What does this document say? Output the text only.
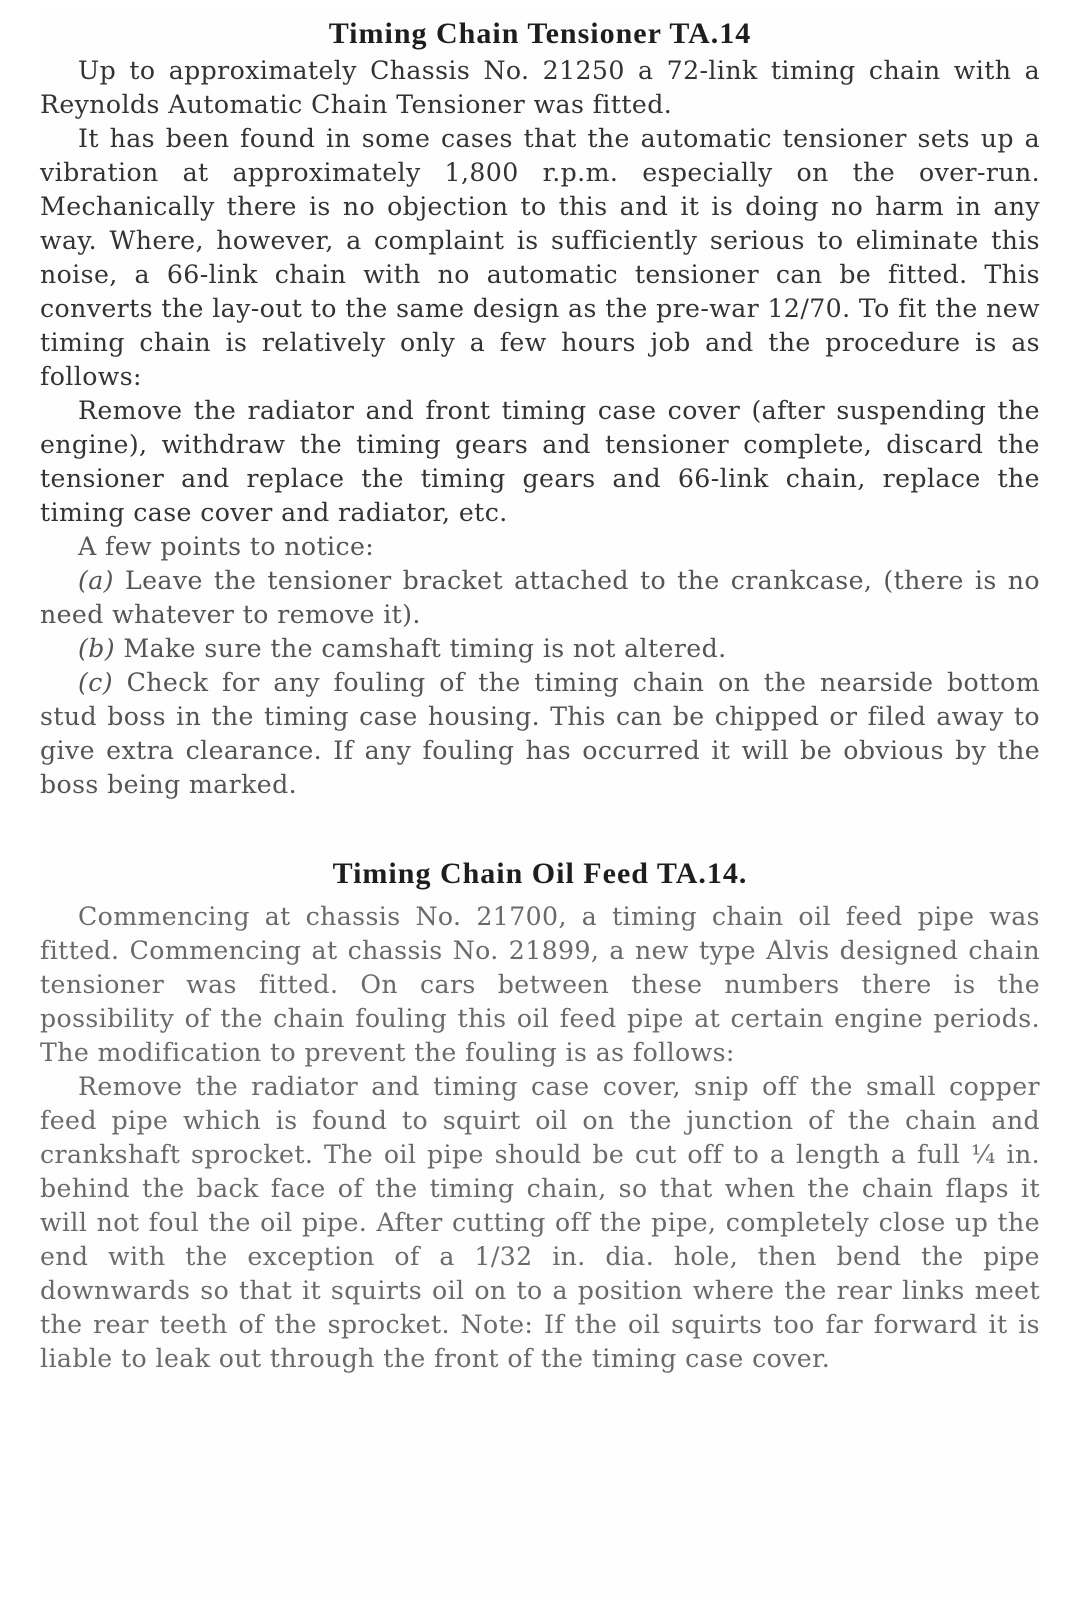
Timing Chain Tensioner TA.14

Up to approximately Chassis No. 21250 a 72-link timing chain with a Reynolds Automatic Chain Tensioner was fitted.

It has been found in some cases that the automatic tensioner sets up a vibration at approximately 1,800 r.p.m. especially on the over-run. Mechanically there is no objection to this and it is doing no harm in any way. Where, however, a complaint is sufficiently serious to eliminate this noise, a 66-link chain with no automatic tensioner can be fitted. This converts the lay-out to the same design as the pre-war 12/70. To fit the new timing chain is relatively only a few hours job and the procedure is as follows:

Remove the radiator and front timing case cover (after suspending the engine), withdraw the timing gears and tensioner complete, discard the tensioner and replace the timing gears and 66-link chain, replace the timing case cover and radiator, etc.

A few points to notice:

(a) Leave the tensioner bracket attached to the crankcase, (there is no need whatever to remove it).

(b) Make sure the camshaft timing is not altered.

(c) Check for any fouling of the timing chain on the nearside bottom stud boss in the timing case housing. This can be chipped or filed away to give extra clearance. If any fouling has occurred it will be obvious by the boss being marked.

Timing Chain Oil Feed TA.14.

Commencing at chassis No. 21700, a timing chain oil feed pipe was fitted. Commencing at chassis No. 21899, a new type Alvis designed chain tensioner was fitted. On cars between these numbers there is the possibility of the chain fouling this oil feed pipe at certain engine periods. The modification to prevent the fouling is as follows:

Remove the radiator and timing case cover, snip off the small copper feed pipe which is found to squirt oil on the junction of the chain and crankshaft sprocket. The oil pipe should be cut off to a length a full ¼ in. behind the back face of the timing chain, so that when the chain flaps it will not foul the oil pipe. After cutting off the pipe, completely close up the end with the exception of a 1/32 in. dia. hole, then bend the pipe downwards so that it squirts oil on to a position where the rear links meet the rear teeth of the sprocket. Note: If the oil squirts too far forward it is liable to leak out through the front of the timing case cover.
